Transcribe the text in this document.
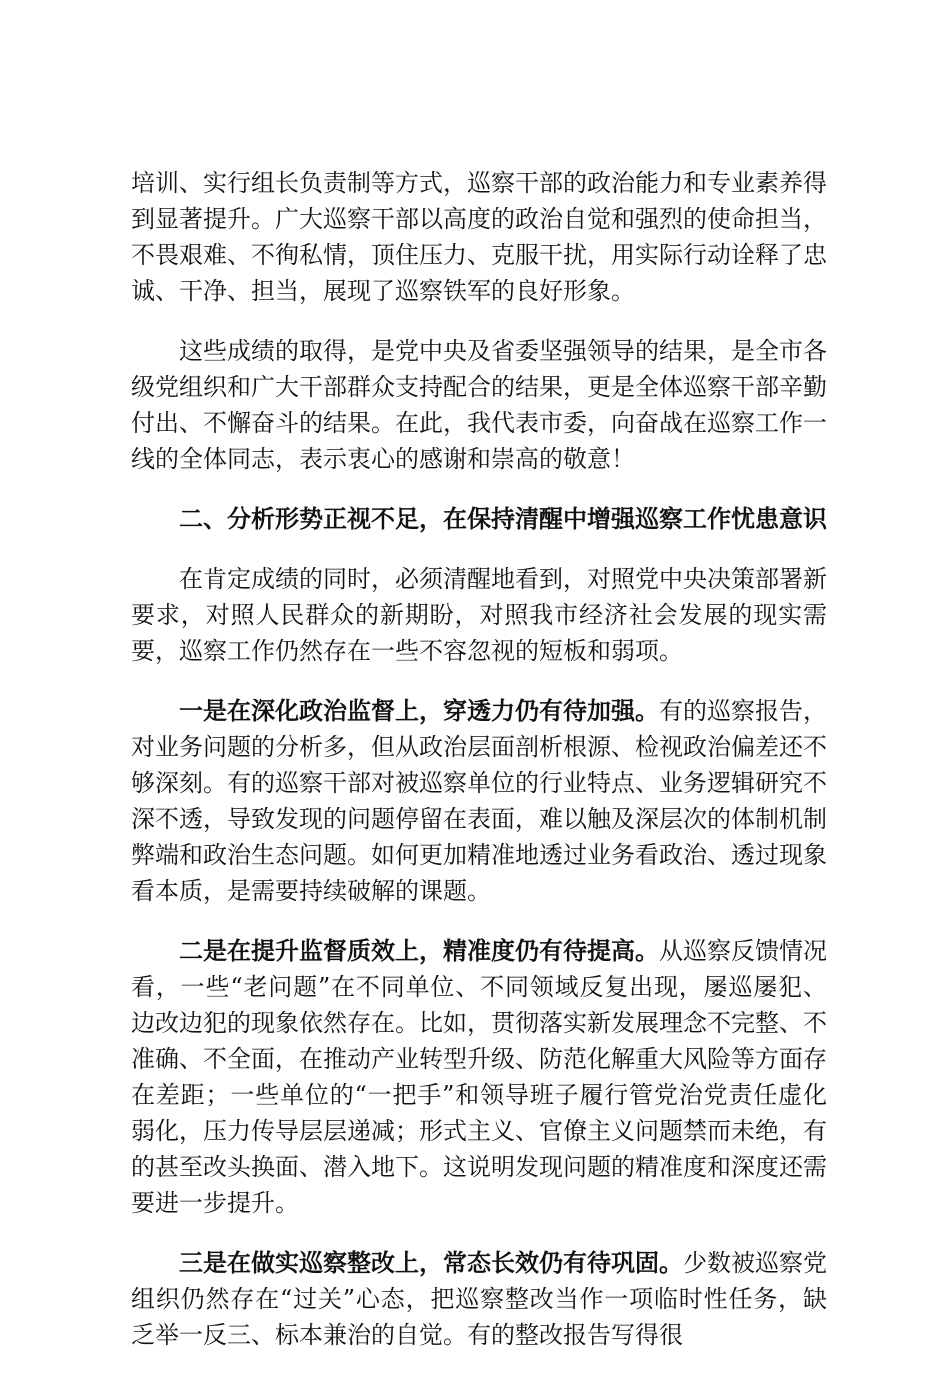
培训、实行组长负责制等方式，巡察干部的政治能力和专业素养得到显著提升。广大巡察干部以高度的政治自觉和强烈的使命担当，不畏艰难、不徇私情，顶住压力、克服干扰，用实际行动诠释了忠诚、干净、担当，展现了巡察铁军的良好形象。

这些成绩的取得，是党中央及省委坚强领导的结果，是全市各级党组织和广大干部群众支持配合的结果，更是全体巡察干部辛勤付出、不懈奋斗的结果。在此，我代表市委，向奋战在巡察工作一线的全体同志，表示衷心的感谢和崇高的敬意！

二、分析形势正视不足，在保持清醒中增强巡察工作忧患意识

在肯定成绩的同时，必须清醒地看到，对照党中央决策部署新要求，对照人民群众的新期盼，对照我市经济社会发展的现实需要，巡察工作仍然存在一些不容忽视的短板和弱项。

一是在深化政治监督上，穿透力仍有待加强。有的巡察报告，对业务问题的分析多，但从政治层面剖析根源、检视政治偏差还不够深刻。有的巡察干部对被巡察单位的行业特点、业务逻辑研究不深不透，导致发现的问题停留在表面，难以触及深层次的体制机制弊端和政治生态问题。如何更加精准地透过业务看政治、透过现象看本质，是需要持续破解的课题。

二是在提升监督质效上，精准度仍有待提高。从巡察反馈情况看，一些“老问题”在不同单位、不同领域反复出现，屡巡屡犯、边改边犯的现象依然存在。比如，贯彻落实新发展理念不完整、不准确、不全面，在推动产业转型升级、防范化解重大风险等方面存在差距；一些单位的“一把手”和领导班子履行管党治党责任虚化弱化，压力传导层层递减；形式主义、官僚主义问题禁而未绝，有的甚至改头换面、潜入地下。这说明发现问题的精准度和深度还需要进一步提升。

三是在做实巡察整改上，常态长效仍有待巩固。少数被巡察党组织仍然存在“过关”心态，把巡察整改当作一项临时性任务，缺乏举一反三、标本兼治的自觉。有的整改报告写得很
